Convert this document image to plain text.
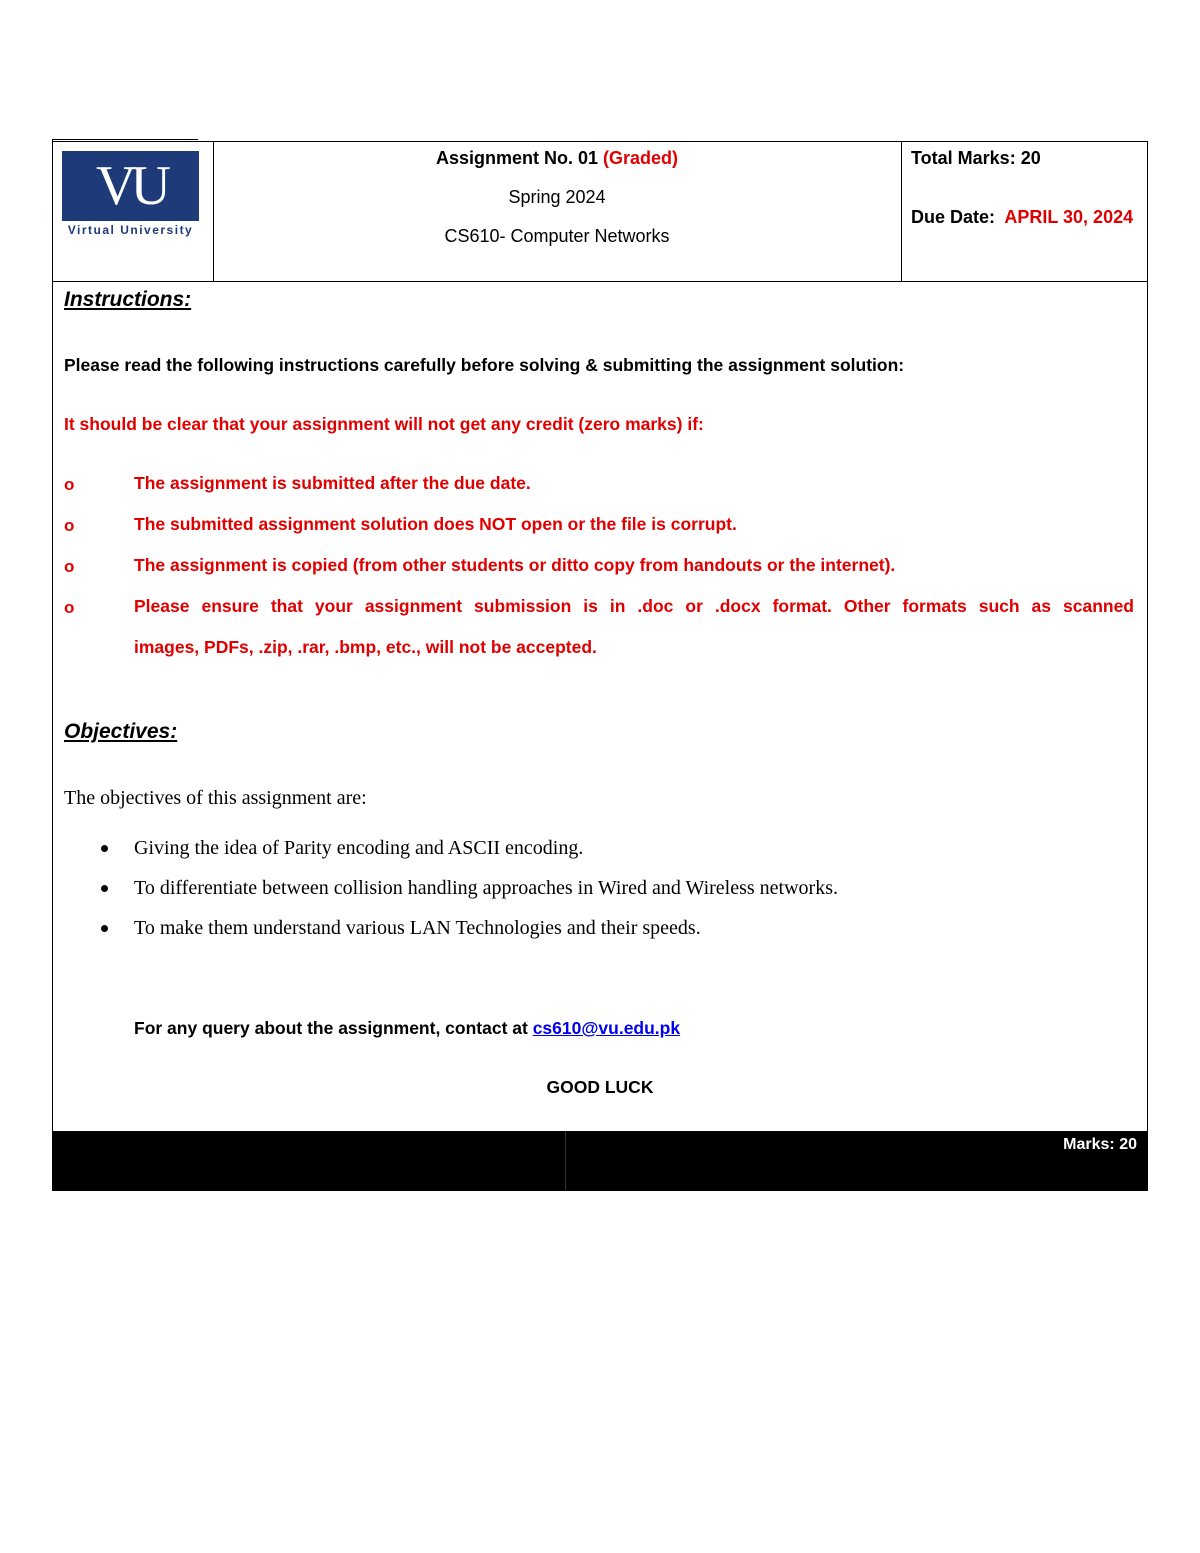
VU
Virtual University
Assignment No. 01 (Graded)
Spring 2024
CS610- Computer Networks
Total Marks: 20
Due Date: APRIL 30, 2024
Instructions:
Please read the following instructions carefully before solving & submitting the assignment solution:
It should be clear that your assignment will not get any credit (zero marks) if:
o	The assignment is submitted after the due date.
o	The submitted assignment solution does NOT open or the file is corrupt.
o	The assignment is copied (from other students or ditto copy from handouts or the internet).
o	Please ensure that your assignment submission is in .doc or .docx format. Other formats such as scanned
images, PDFs, .zip, .rar, .bmp, etc., will not be accepted.
Objectives:
The objectives of this assignment are:
Giving the idea of Parity encoding and ASCII encoding.
To differentiate between collision handling approaches in Wired and Wireless networks.
To make them understand various LAN Technologies and their speeds.
For any query about the assignment, contact at cs610@vu.edu.pk
GOOD LUCK
Marks: 20
